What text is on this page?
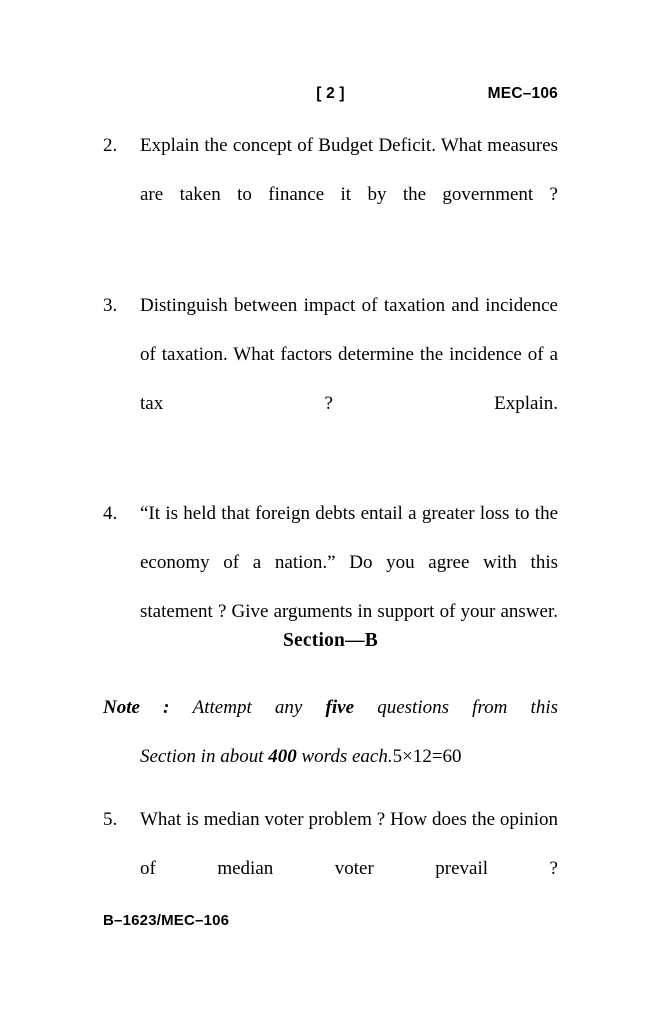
[ 2 ]	MEC–106
2.	Explain the concept of Budget Deficit. What measures are taken to finance it by the government ?
3.	Distinguish between impact of taxation and incidence of taxation. What factors determine the incidence of a tax ? Explain.
4.	“It is held that foreign debts entail a greater loss to the economy of a nation.” Do you agree with this statement ? Give arguments in support of your answer.
Section—B
Note : Attempt any five questions from this
Section in about 400 words each.5×12=60
5.	What is median voter problem ? How does the opinion of median voter prevail ?
B–1623/MEC–106
